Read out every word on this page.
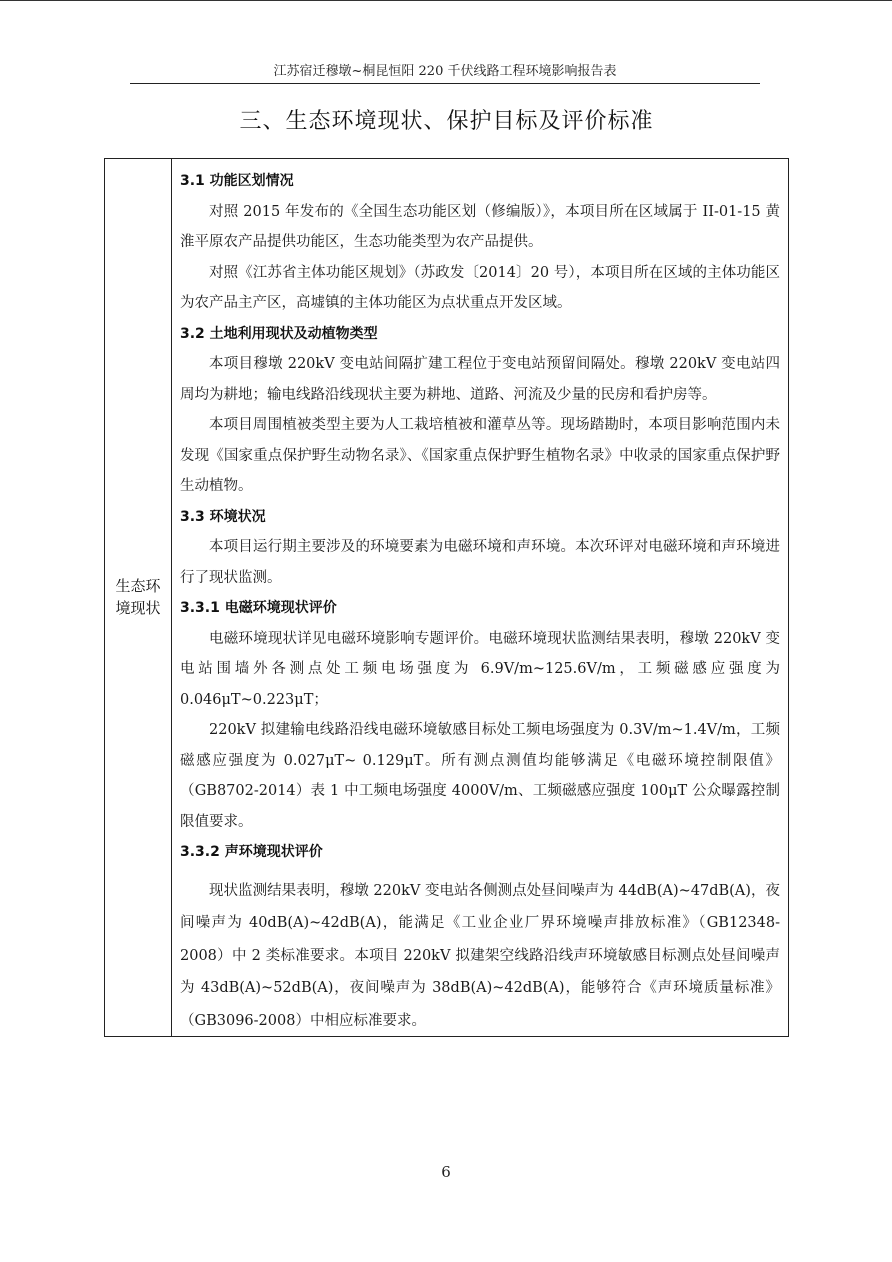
江苏宿迁穆墩~桐昆恒阳 220 千伏线路工程环境影响报告表
三、生态环境现状、保护目标及评价标准
生态环境现状
3.1 功能区划情况

对照 2015 年发布的《全国生态功能区划（修编版）》，本项目所在区域属于 II-01-15 黄淮平原农产品提供功能区，生态功能类型为农产品提供。

对照《江苏省主体功能区规划》（苏政发〔2014〕20 号），本项目所在区域的主体功能区为农产品主产区，高墟镇的主体功能区为点状重点开发区域。

3.2 土地利用现状及动植物类型

本项目穆墩 220kV 变电站间隔扩建工程位于变电站预留间隔处。穆墩 220kV 变电站四周均为耕地；输电线路沿线现状主要为耕地、道路、河流及少量的民房和看护房等。

本项目周围植被类型主要为人工栽培植被和灌草丛等。现场踏勘时，本项目影响范围内未发现《国家重点保护野生动物名录》、《国家重点保护野生植物名录》中收录的国家重点保护野生动植物。

3.3 环境状况

本项目运行期主要涉及的环境要素为电磁环境和声环境。本次环评对电磁环境和声环境进行了现状监测。

3.3.1 电磁环境现状评价

电磁环境现状详见电磁环境影响专题评价。电磁环境现状监测结果表明，穆墩 220kV 变电站围墙外各测点处工频电场强度为 6.9V/m~125.6V/m，工频磁感应强度为 0.046μT~0.223μT；

220kV 拟建输电线路沿线电磁环境敏感目标处工频电场强度为 0.3V/m~1.4V/m，工频磁感应强度为 0.027μT~ 0.129μT。所有测点测值均能够满足《电磁环境控制限值》（GB8702-2014）表 1 中工频电场强度 4000V/m、工频磁感应强度 100μT 公众曝露控制限值要求。

3.3.2 声环境现状评价

现状监测结果表明，穆墩 220kV 变电站各侧测点处昼间噪声为 44dB(A)~47dB(A)，夜间噪声为 40dB(A)~42dB(A)，能满足《工业企业厂界环境噪声排放标准》（GB12348-2008）中 2 类标准要求。本项目 220kV 拟建架空线路沿线声环境敏感目标测点处昼间噪声为 43dB(A)~52dB(A)，夜间噪声为 38dB(A)~42dB(A)，能够符合《声环境质量标准》（GB3096-2008）中相应标准要求。

6
